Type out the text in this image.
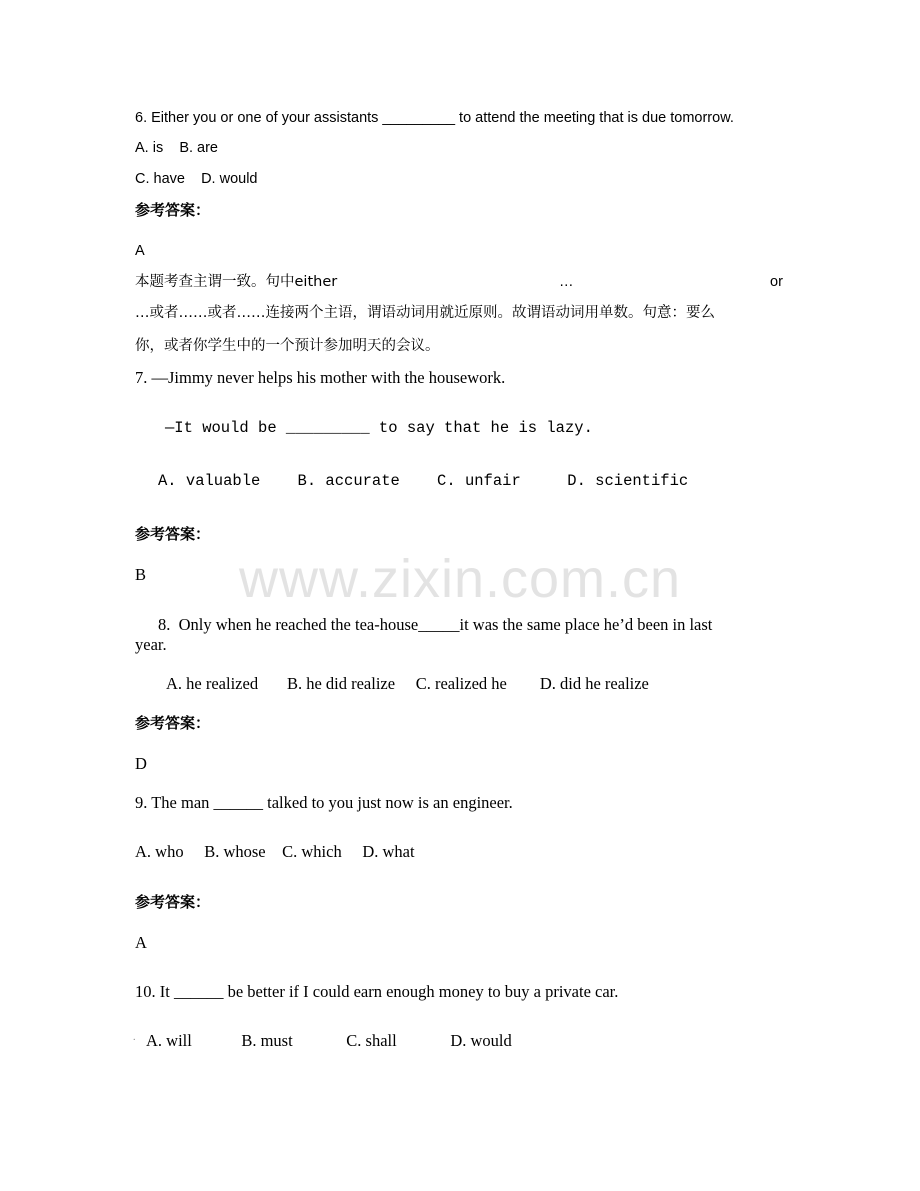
www.zixin.com.cn
6. Either you or one of your assistants _________ to attend the meeting that is due tomorrow.
A. is    B. are
C. have    D. would
参考答案：
A
本题考查主谓一致。句中either	…	or
…或者……或者……连接两个主语，谓语动词用就近原则。故谓语动词用单数。句意：要么
你，或者你学生中的一个预计参加明天的会议。
7. —Jimmy never helps his mother with the housework.
—It would be _________ to say that he is lazy.
A. valuable    B. accurate    C. unfair     D. scientific
参考答案：
B
8.  Only when he reached the tea-house_____it was the same place he’d been in last
year.
A. he realized       B. he did realize     C. realized he        D. did he realize
参考答案：
D
9. The man ______ talked to you just now is an engineer.
A. who     B. whose    C. which     D. what
参考答案：
A
10. It ______ be better if I could earn enough money to buy a private car.
. A. will            B. must             C. shall             D. would
